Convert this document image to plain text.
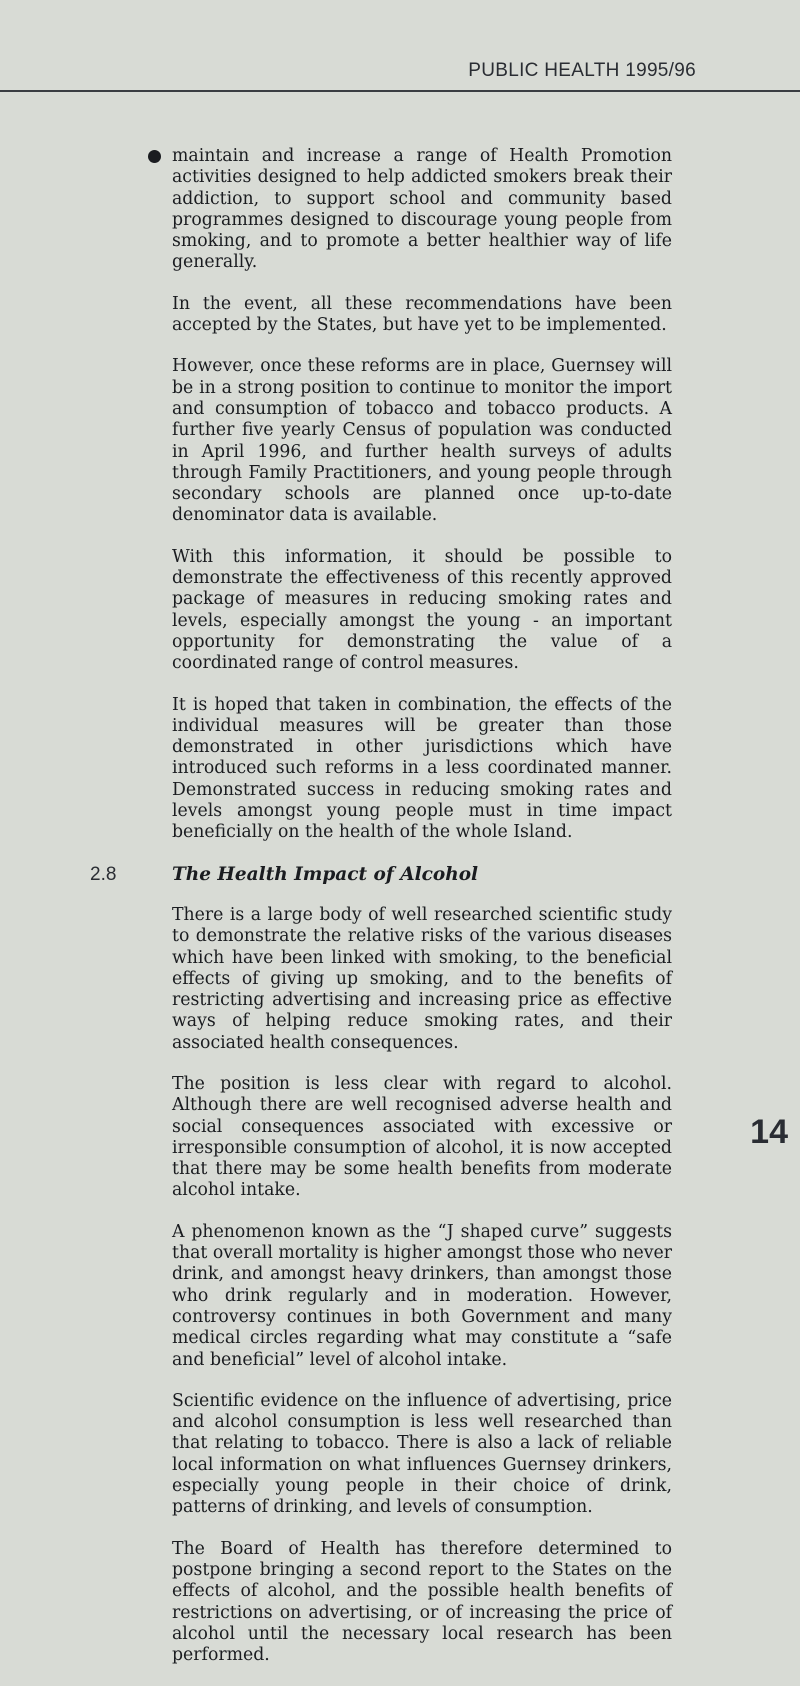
PUBLIC HEALTH 1995/96
maintain and increase a range of Health Promotion activities designed to help addicted smokers break their addiction, to support school and community based programmes designed to discourage young people from smoking, and to promote a better healthier way of life generally.

In the event, all these recommendations have been accepted by the States, but have yet to be implemented.

However, once these reforms are in place, Guernsey will be in a strong position to continue to monitor the import and consumption of tobacco and tobacco products. A further five yearly Census of population was conducted in April 1996, and further health surveys of adults through Family Practitioners, and young people through secondary schools are planned once up-to-date denominator data is available.

With this information, it should be possible to demonstrate the effectiveness of this recently approved package of measures in reducing smoking rates and levels, especially amongst the young - an important opportunity for demonstrating the value of a coordinated range of control measures.

It is hoped that taken in combination, the effects of the individual measures will be greater than those demonstrated in other jurisdictions which have introduced such reforms in a less coordinated manner. Demonstrated success in reducing smoking rates and levels amongst young people must in time impact beneficially on the health of the whole Island.

2.8	The Health Impact of Alcohol

There is a large body of well researched scientific study to demonstrate the relative risks of the various diseases which have been linked with smoking, to the beneficial effects of giving up smoking, and to the benefits of restricting advertising and increasing price as effective ways of helping reduce smoking rates, and their associated health consequences.

The position is less clear with regard to alcohol. Although there are well recognised adverse health and social consequences associated with excessive or irresponsible consumption of alcohol, it is now accepted that there may be some health benefits from moderate alcohol intake.

A phenomenon known as the “J shaped curve” suggests that overall mortality is higher amongst those who never drink, and amongst heavy drinkers, than amongst those who drink regularly and in moderation. However, controversy continues in both Government and many medical circles regarding what may constitute a “safe and beneficial” level of alcohol intake.

Scientific evidence on the influence of advertising, price and alcohol consumption is less well researched than that relating to tobacco. There is also a lack of reliable local information on what influences Guernsey drinkers, especially young people in their choice of drink, patterns of drinking, and levels of consumption.

The Board of Health has therefore determined to postpone bringing a second report to the States on the effects of alcohol, and the possible health benefits of restrictions on advertising, or of increasing the price of alcohol until the necessary local research has been performed.

14
